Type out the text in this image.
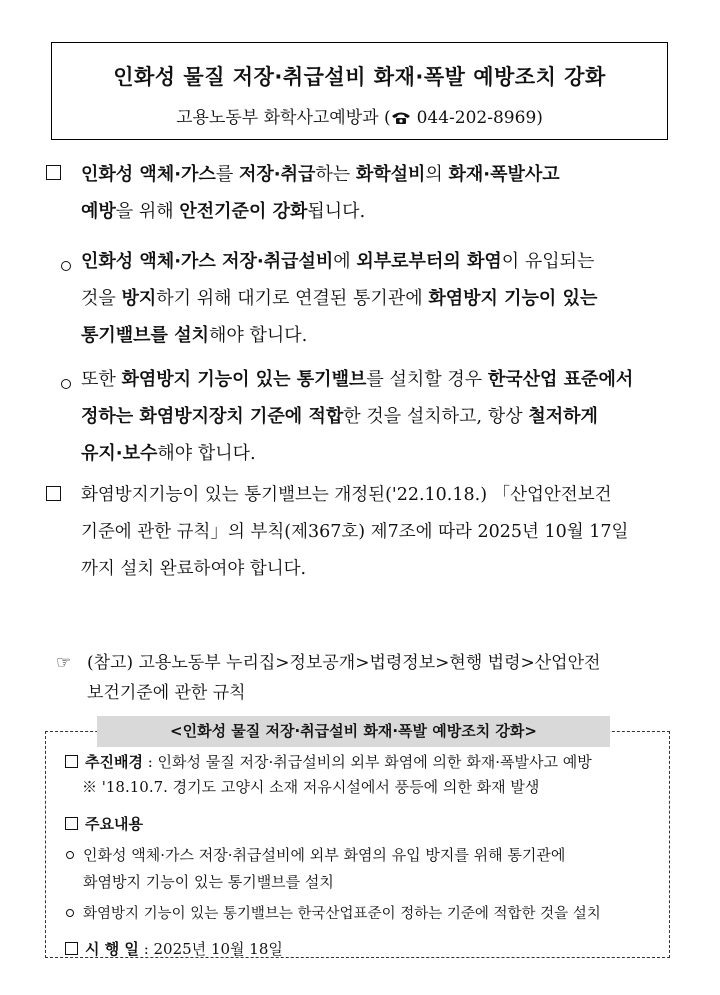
인화성 물질 저장·취급설비 화재·폭발 예방조치 강화
고용노동부 화학사고예방과 ( 044-202-8969)
인화성 액체·가스를 저장·취급하는 화학설비의 화재·폭발사고
예방을 위해 안전기준이 강화됩니다.
인화성 액체·가스 저장·취급설비에 외부로부터의 화염이 유입되는
것을 방지하기 위해 대기로 연결된 통기관에 화염방지 기능이 있는
통기밸브를 설치해야 합니다.
또한 화염방지 기능이 있는 통기밸브를 설치할 경우 한국산업 표준에서
정하는 화염방지장치 기준에 적합한 것을 설치하고, 항상 철저하게
유지·보수해야 합니다.
화염방지기능이 있는 통기밸브는 개정된('22.10.18.) 「산업안전보건
기준에 관한 규칙」의 부칙(제367호) 제7조에 따라 2025년 10월 17일
까지 설치 완료하여야 합니다.
☞ (참고) 고용노동부 누리집>정보공개>법령정보>현행 법령>산업안전
보건기준에 관한 규칙
<인화성 물질 저장·취급설비 화재·폭발 예방조치 강화>
추진배경 : 인화성 물질 저장·취급설비의 외부 화염에 의한 화재·폭발사고 예방
※ '18.10.7. 경기도 고양시 소재 저유시설에서 풍등에 의한 화재 발생
주요내용
인화성 액체·가스 저장·취급설비에 외부 화염의 유입 방지를 위해 통기관에
화염방지 기능이 있는 통기밸브를 설치
화염방지 기능이 있는 통기밸브는 한국산업표준이 정하는 기준에 적합한 것을 설치
시 행 일 : 2025년 10월 18일
